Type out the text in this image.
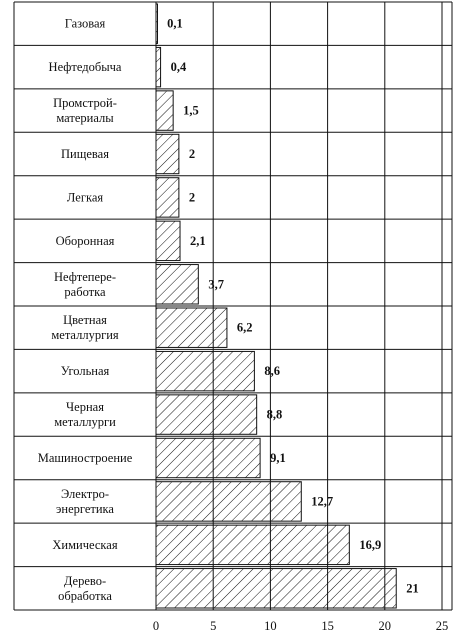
0,1
Газовая
0,4
Нефтедобыча
1,5
Промстрой-материалы
2
Пищевая
2
Легкая
2,1
Оборонная
3,7
Нефтепере-работка
6,2
Цветная металлургия
8,6
Угольная
8,8
Черная металлурги
9,1
Машиностроение
12,7
Электро-энергетика
16,9
Химическая
21
Дерево-обработка
0	5	10	15	20	25
